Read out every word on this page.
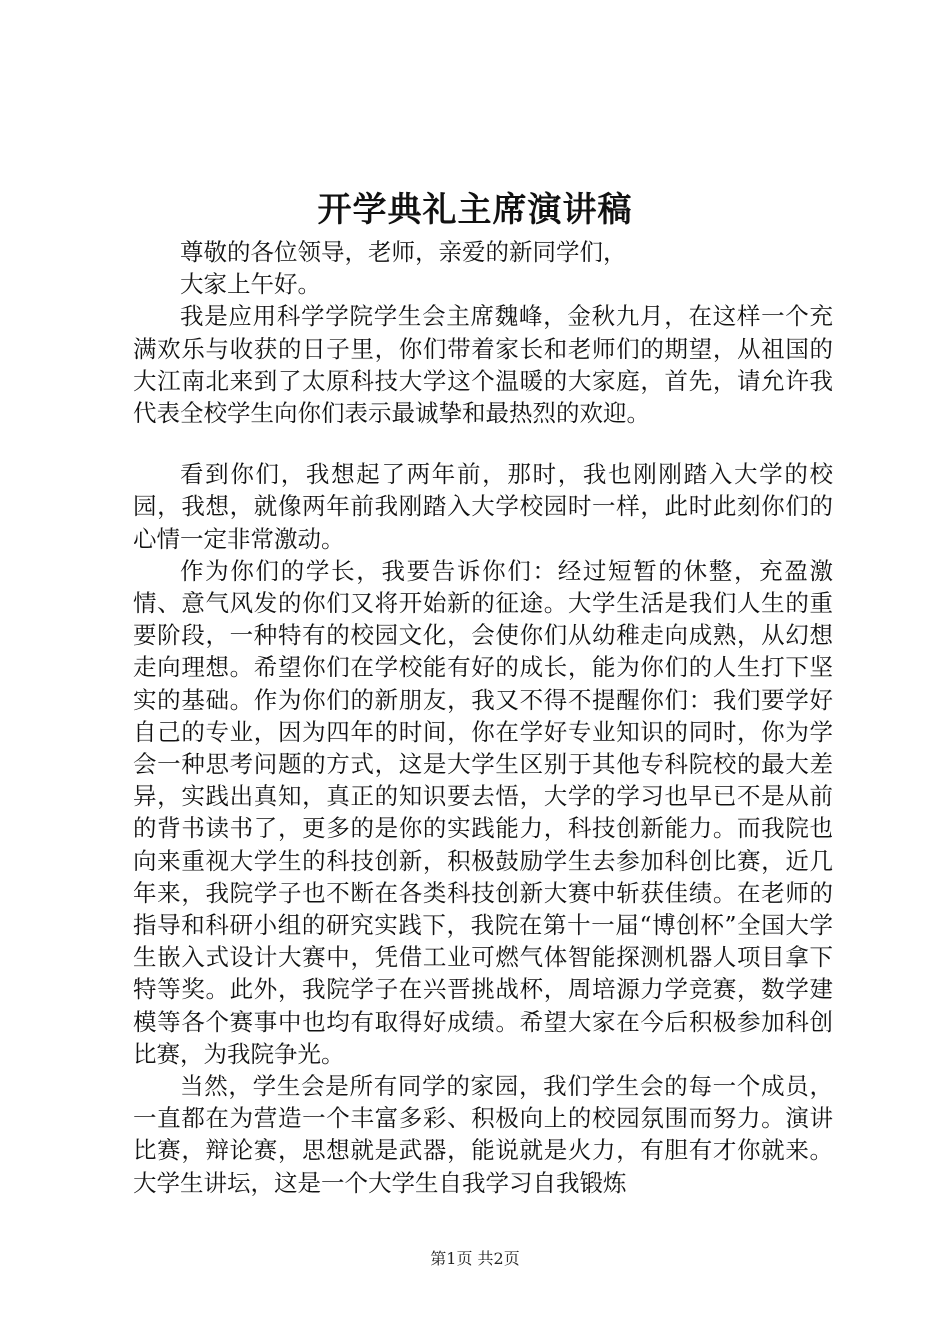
开学典礼主席演讲稿

尊敬的各位领导，老师，亲爱的新同学们，

大家上午好。

我是应用科学学院学生会主席魏峰，金秋九月，在这样一个充满欢乐与收获的日子里，你们带着家长和老师们的期望，从祖国的大江南北来到了太原科技大学这个温暖的大家庭，首先，请允许我代表全校学生向你们表示最诚挚和最热烈的欢迎。

看到你们，我想起了两年前，那时，我也刚刚踏入大学的校园，我想，就像两年前我刚踏入大学校园时一样，此时此刻你们的心情一定非常激动。

作为你们的学长，我要告诉你们：经过短暂的休整，充盈激情、意气风发的你们又将开始新的征途。大学生活是我们人生的重要阶段，一种特有的校园文化，会使你们从幼稚走向成熟，从幻想走向理想。希望你们在学校能有好的成长，能为你们的人生打下坚实的基础。作为你们的新朋友，我又不得不提醒你们：我们要学好自己的专业，因为四年的时间，你在学好专业知识的同时，你为学会一种思考问题的方式，这是大学生区别于其他专科院校的最大差异，实践出真知，真正的知识要去悟，大学的学习也早已不是从前的背书读书了，更多的是你的实践能力，科技创新能力。而我院也向来重视大学生的科技创新，积极鼓励学生去参加科创比赛，近几年来，我院学子也不断在各类科技创新大赛中斩获佳绩。在老师的指导和科研小组的研究实践下，我院在第十一届“博创杯”全国大学生嵌入式设计大赛中，凭借工业可燃气体智能探测机器人项目拿下特等奖。此外，我院学子在兴晋挑战杯，周培源力学竞赛，数学建模等各个赛事中也均有取得好成绩。希望大家在今后积极参加科创比赛，为我院争光。

当然，学生会是所有同学的家园，我们学生会的每一个成员，一直都在为营造一个丰富多彩、积极向上的校园氛围而努力。演讲比赛，辩论赛，思想就是武器，能说就是火力，有胆有才你就来。大学生讲坛，这是一个大学生自我学习自我锻炼

第1页 共2页
